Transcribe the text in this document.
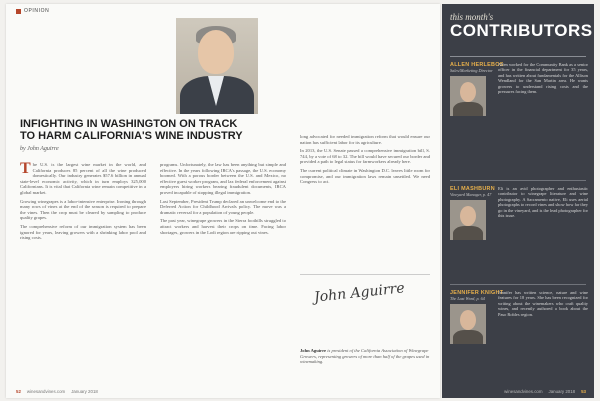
OPINION
INFIGHTING IN WASHINGTON ON TRACK TO HARM CALIFORNIA'S WINE INDUSTRY
by John Aguirre

The U.S. is the largest wine market in the world, and California produces 85 percent of all the wine produced domestically. Our industry generates $57.6 billion in annual state-level economic activity, which in turn employs 325,000 Californians. It is vital that California wine remain competitive in a global market.

Growing winegrapes is a labor-intensive enterprise. Ironing through many rows of vines at the end of the season is required to prepare the vines. Then the crop must be cleared by sampling to produce quality grapes.

The comprehensive reform of our immigration system has been ignored for years, leaving growers with a shrinking labor pool and rising costs.

programs. Unfortunately, the law has been anything but simple and effective. In the years following IRCA's passage, the U.S. economy boomed. With a porous border between the U.S. and Mexico, no effective guest worker program, and lax federal enforcement against employers hiring workers bearing fraudulent documents, IRCA proved incapable of stopping illegal immigration.

Last September, President Trump declared an unwelcome end to the Deferred Action for Childhood Arrivals policy. The move was a dramatic reversal for a population of young people.

The past year, winegrape growers in the Sierra foothills struggled to attract workers and harvest their crops on time. Facing labor shortages, growers in the Lodi region are ripping out vines.

long advocated for needed immigration reform that would ensure our nation has sufficient labor for its agriculture.

In 2013, the U.S. Senate passed a comprehensive immigration bill, S. 744, by a vote of 68 to 32. The bill would have secured our border and provided a path to legal status for farmworkers already here.

The current political climate in Washington D.C. leaves little room for compromise, and our immigration laws remain unsettled. We need Congress to act.

John Aguirre
John Aguirre is president of the California Association of Winegrape Growers, representing growers of more than half of the grapes used in winemaking.
52 winesandvines.com January 2018
this month's
CONTRIBUTORS
ALLEN HERLEBOS
Sales/Marketing Director
Allen worked for the Community Bank as a senior officer in the financial department for 35 years, and has written about fundamentals for the Allison Wendland for the San Martin area. He wants growers to understand rising costs and the pressures facing them.
ELI MASHBURN
Vineyard Manager, p. 47
Eli is an avid photographer and enthusiastic contributor to winegrape literature and wine photography. A Sacramento native, Eli uses aerial photographs to record vines and show how far they go in the vineyard, and is the lead photographer for this issue.
JENNIFER KNIGHT
The Last Word, p. 64
Jennifer has written science, nature and wine features for 18 years. She has been recognized for writing about the winemakers who craft quality wines, and recently authored a book about the Paso Robles region.
winesandvines.com January 2018 53
